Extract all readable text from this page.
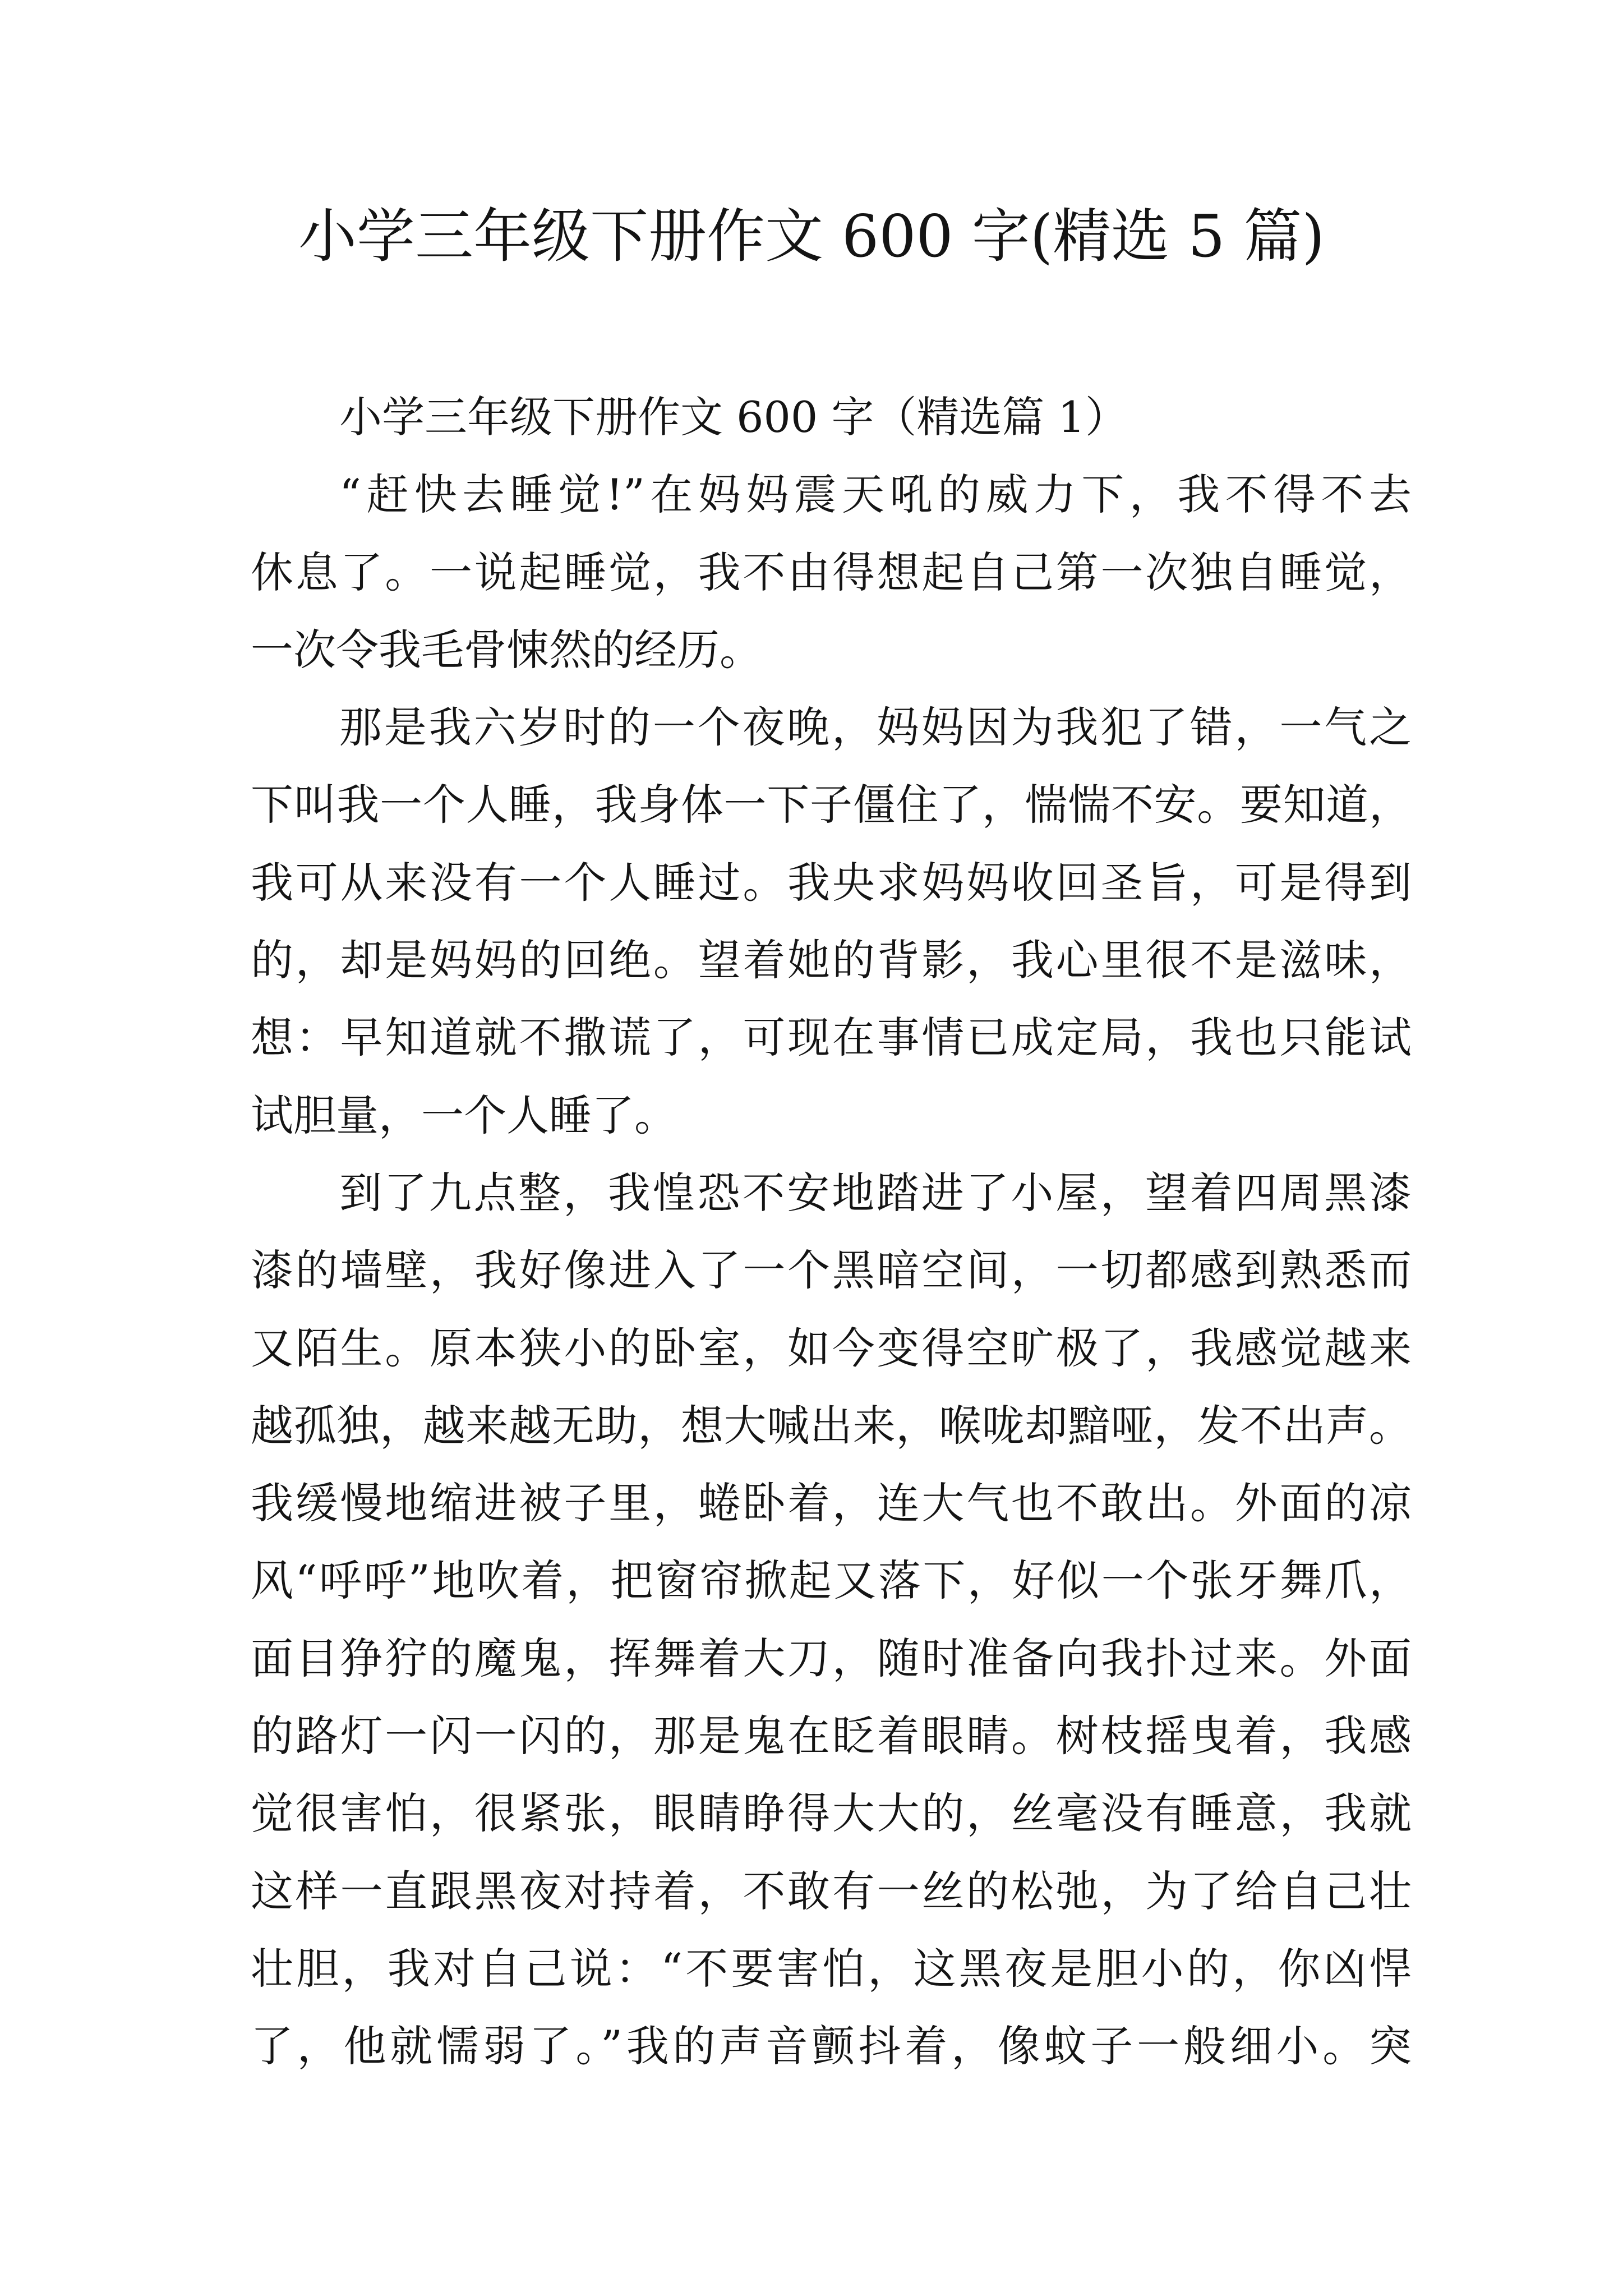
小学三年级下册作文 600 字(精选 5 篇)
小学三年级下册作文 600 字（精选篇 1）
“赶快去睡觉!”在妈妈震天吼的威力下，我不得不去
休息了。一说起睡觉，我不由得想起自己第一次独自睡觉，
一次令我毛骨悚然的经历。
那是我六岁时的一个夜晚，妈妈因为我犯了错，一气之
下叫我一个人睡，我身体一下子僵住了，惴惴不安。要知道，
我可从来没有一个人睡过。我央求妈妈收回圣旨，可是得到
的，却是妈妈的回绝。望着她的背影，我心里很不是滋味，
想：早知道就不撒谎了，可现在事情已成定局，我也只能试
试胆量，一个人睡了。
到了九点整，我惶恐不安地踏进了小屋，望着四周黑漆
漆的墙壁，我好像进入了一个黑暗空间，一切都感到熟悉而
又陌生。原本狭小的卧室，如今变得空旷极了，我感觉越来
越孤独，越来越无助，想大喊出来，喉咙却黯哑，发不出声。
我缓慢地缩进被子里，蜷卧着，连大气也不敢出。外面的凉
风“呼呼”地吹着，把窗帘掀起又落下，好似一个张牙舞爪，
面目狰狞的魔鬼，挥舞着大刀，随时准备向我扑过来。外面
的路灯一闪一闪的，那是鬼在眨着眼睛。树枝摇曳着，我感
觉很害怕，很紧张，眼睛睁得大大的，丝毫没有睡意，我就
这样一直跟黑夜对持着，不敢有一丝的松弛，为了给自己壮
壮胆，我对自己说：“不要害怕，这黑夜是胆小的，你凶悍
了，他就懦弱了。”我的声音颤抖着，像蚊子一般细小。突
